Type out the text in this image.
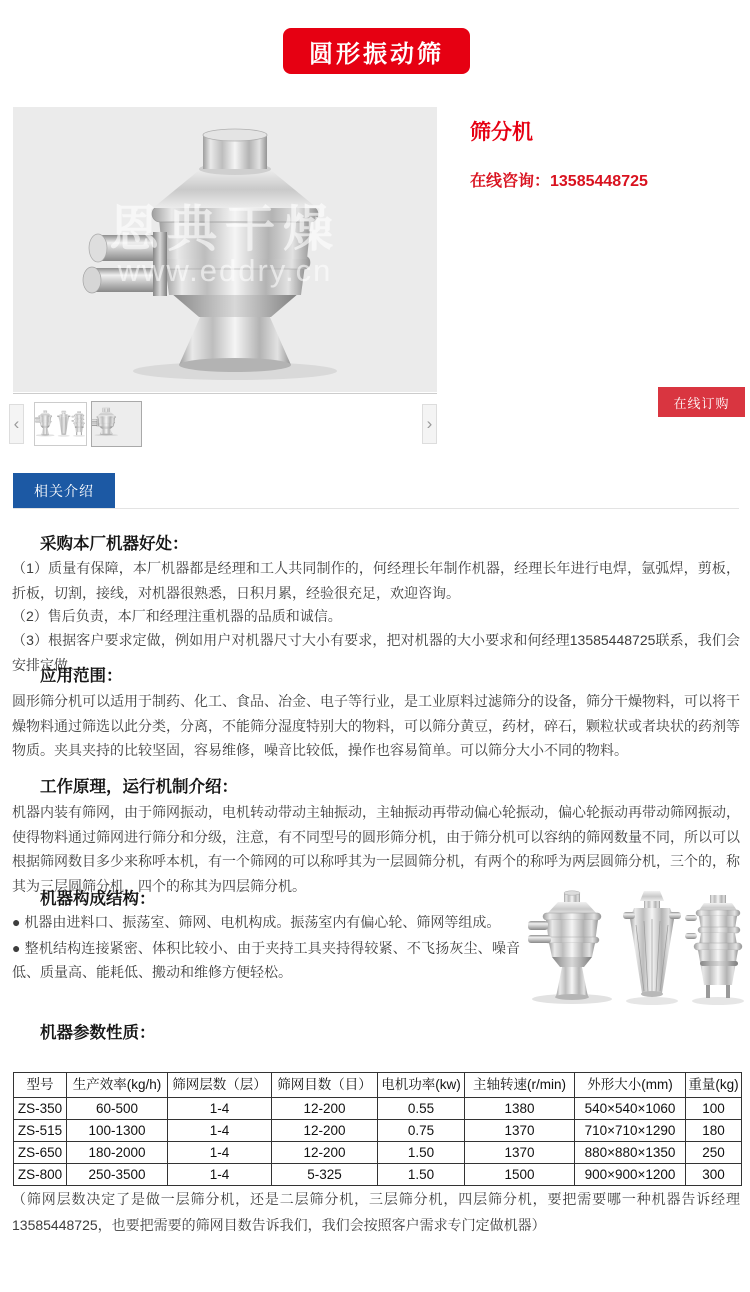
圆形振动筛
恩典干燥
www.eddry.cn
筛分机
在线咨询：13585448725
在线订购
‹	›
相关介绍
采购本厂机器好处：

（1）质量有保障，本厂机器都是经理和工人共同制作的，何经理长年制作机器，经理长年进行电焊，氩弧焊，剪板，折板，切割，接线，对机器很熟悉，日积月累，经验很充足，欢迎咨询。

（2）售后负责，本厂和经理注重机器的品质和诚信。

（3）根据客户要求定做，例如用户对机器尺寸大小有要求，把对机器的大小要求和何经理13585448725联系，我们会安排定做。

应用范围：

圆形筛分机可以适用于制药、化工、食品、冶金、电子等行业，是工业原料过滤筛分的设备，筛分干燥物料，可以将干燥物料通过筛选以此分类，分离，不能筛分湿度特别大的物料，可以筛分黄豆，药材，碎石，颗粒状或者块状的药剂等物质。夹具夹持的比较坚固，容易维修，噪音比较低，操作也容易简单。可以筛分大小不同的物料。

工作原理，运行机制介绍：

机器内装有筛网，由于筛网振动，电机转动带动主轴振动，主轴振动再带动偏心轮振动，偏心轮振动再带动筛网振动，使得物料通过筛网进行筛分和分级，注意，有不同型号的圆形筛分机，由于筛分机可以容纳的筛网数量不同，所以可以根据筛网数目多少来称呼本机，有一个筛网的可以称呼其为一层圆筛分机，有两个的称呼为两层圆筛分机，三个的，称其为三层圆筛分机，四个的称其为四层筛分机。

机器构成结构：

● 机器由进料口、振荡室、筛网、电机构成。振荡室内有偏心轮、筛网等组成。

● 整机结构连接紧密、体积比较小、由于夹持工具夹持得较紧、不飞扬灰尘、噪音低、质量高、能耗低、搬动和维修方便轻松。

机器参数性质：
型号	生产效率(kg/h)	筛网层数（层）	筛网目数（目）	电机功率(kw)	主轴转速(r/min)	外形大小(mm)	重量(kg)
ZS-350	60-500	1-4	12-200	0.55	1380	540×540×1060	100
ZS-515	100-1300	1-4	12-200	0.75	1370	710×710×1290	180
ZS-650	180-2000	1-4	12-200	1.50	1370	880×880×1350	250
ZS-800	250-3500	1-4	5-325	1.50	1500	900×900×1200	300

（筛网层数决定了是做一层筛分机，还是二层筛分机，三层筛分机，四层筛分机，要把需要哪一种机器告诉经理13585448725，也要把需要的筛网目数告诉我们，我们会按照客户需求专门定做机器）
